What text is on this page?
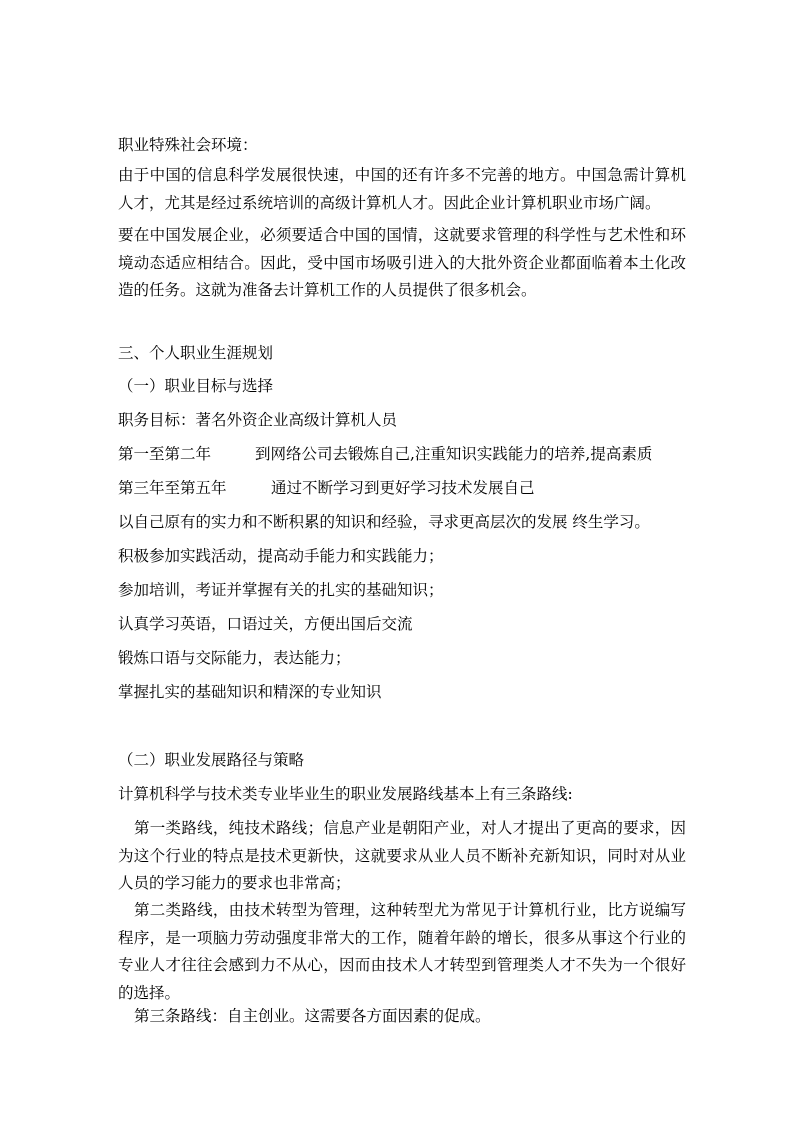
职业特殊社会环境：
由于中国的信息科学发展很快速，中国的还有许多不完善的地方。中国急需计算机人才，尤其是经过系统培训的高级计算机人才。因此企业计算机职业市场广阔。
要在中国发展企业，必须要适合中国的国情，这就要求管理的科学性与艺术性和环境动态适应相结合。因此，受中国市场吸引进入的大批外资企业都面临着本土化改造的任务。这就为准备去计算机工作的人员提供了很多机会。
三、个人职业生涯规划
（一）职业目标与选择
职务目标：著名外资企业高级计算机人员
第一至第二年	到网络公司去锻炼自己,注重知识实践能力的培养,提高素质
第三年至第五年	通过不断学习到更好学习技术发展自己
以自己原有的实力和不断积累的知识和经验，寻求更高层次的发展 终生学习。
积极参加实践活动，提高动手能力和实践能力；
参加培训，考证并掌握有关的扎实的基础知识；
认真学习英语，口语过关，方便出国后交流
锻炼口语与交际能力，表达能力；
掌握扎实的基础知识和精深的专业知识
（二）职业发展路径与策略
计算机科学与技术类专业毕业生的职业发展路线基本上有三条路线:
第一类路线，纯技术路线；信息产业是朝阳产业，对人才提出了更高的要求，因为这个行业的特点是技术更新快，这就要求从业人员不断补充新知识，同时对从业人员的学习能力的要求也非常高；
第二类路线，由技术转型为管理，这种转型尤为常见于计算机行业，比方说编写程序，是一项脑力劳动强度非常大的工作，随着年龄的增长，很多从事这个行业的专业人才往往会感到力不从心，因而由技术人才转型到管理类人才不失为一个很好的选择。
第三条路线：自主创业。这需要各方面因素的促成。
